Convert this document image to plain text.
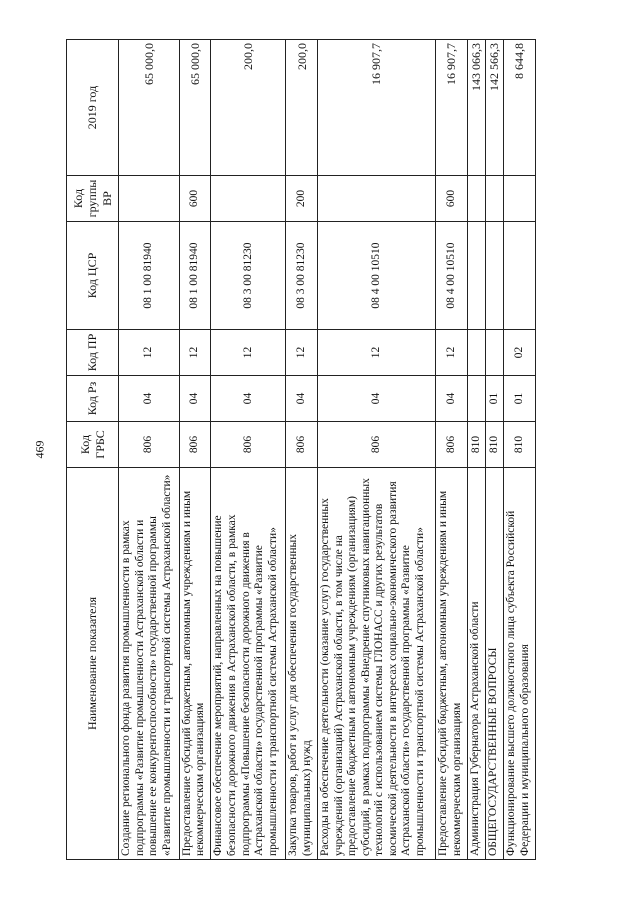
469
Наименование показателя	Код ГРБС	Код Рз	Код ПР	Код ЦСР	Код группы ВР	2019 год
Создание регионального фонда развития промышленности в рамках подпрограммы «Развитие промышленности Астраханской области и повышение ее конкурентоспособности» государственной программы «Развитие промышленности и транспортной системы Астраханской области»	806	04	12	08 1 00 81940		65 000,0
Предоставление субсидий бюджетным, автономным учреждениям и иным некоммерческим организациям	806	04	12	08 1 00 81940	600	65 000,0
Финансовое обеспечение мероприятий, направленных на повышение безопасности дорожного движения в Астраханской области, в рамках подпрограммы «Повышение безопасности дорожного движения в Астраханской области» государственной программы «Развитие промышленности и транспортной системы Астраханской области»	806	04	12	08 3 00 81230		200,0
Закупка товаров, работ и услуг для обеспечения государственных (муниципальных) нужд	806	04	12	08 3 00 81230	200	200,0
Расходы на обеспечение деятельности (оказание услуг) государственных учреждений (организаций) Астраханской области, в том числе на предоставление бюджетным и автономным учреждениям (организациям) субсидий, в рамках подпрограммы «Внедрение спутниковых навигационных технологий с использованием системы ГЛОНАСС и других результатов космической деятельности в интересах социально-экономического развития Астраханской области» государственной программы «Развитие промышленности и транспортной системы Астраханской области»	806	04	12	08 4 00 10510		16 907,7
Предоставление субсидий бюджетным, автономным учреждениям и иным некоммерческим организациям	806	04	12	08 4 00 10510	600	16 907,7
Администрация Губернатора Астраханской области	810					143 066,3
ОБЩЕГОСУДАРСТВЕННЫЕ ВОПРОСЫ	810	01				142 566,3
Функционирование высшего должностного лица субъекта Российской Федерации и муниципального образования	810	01	02			8 644,8
